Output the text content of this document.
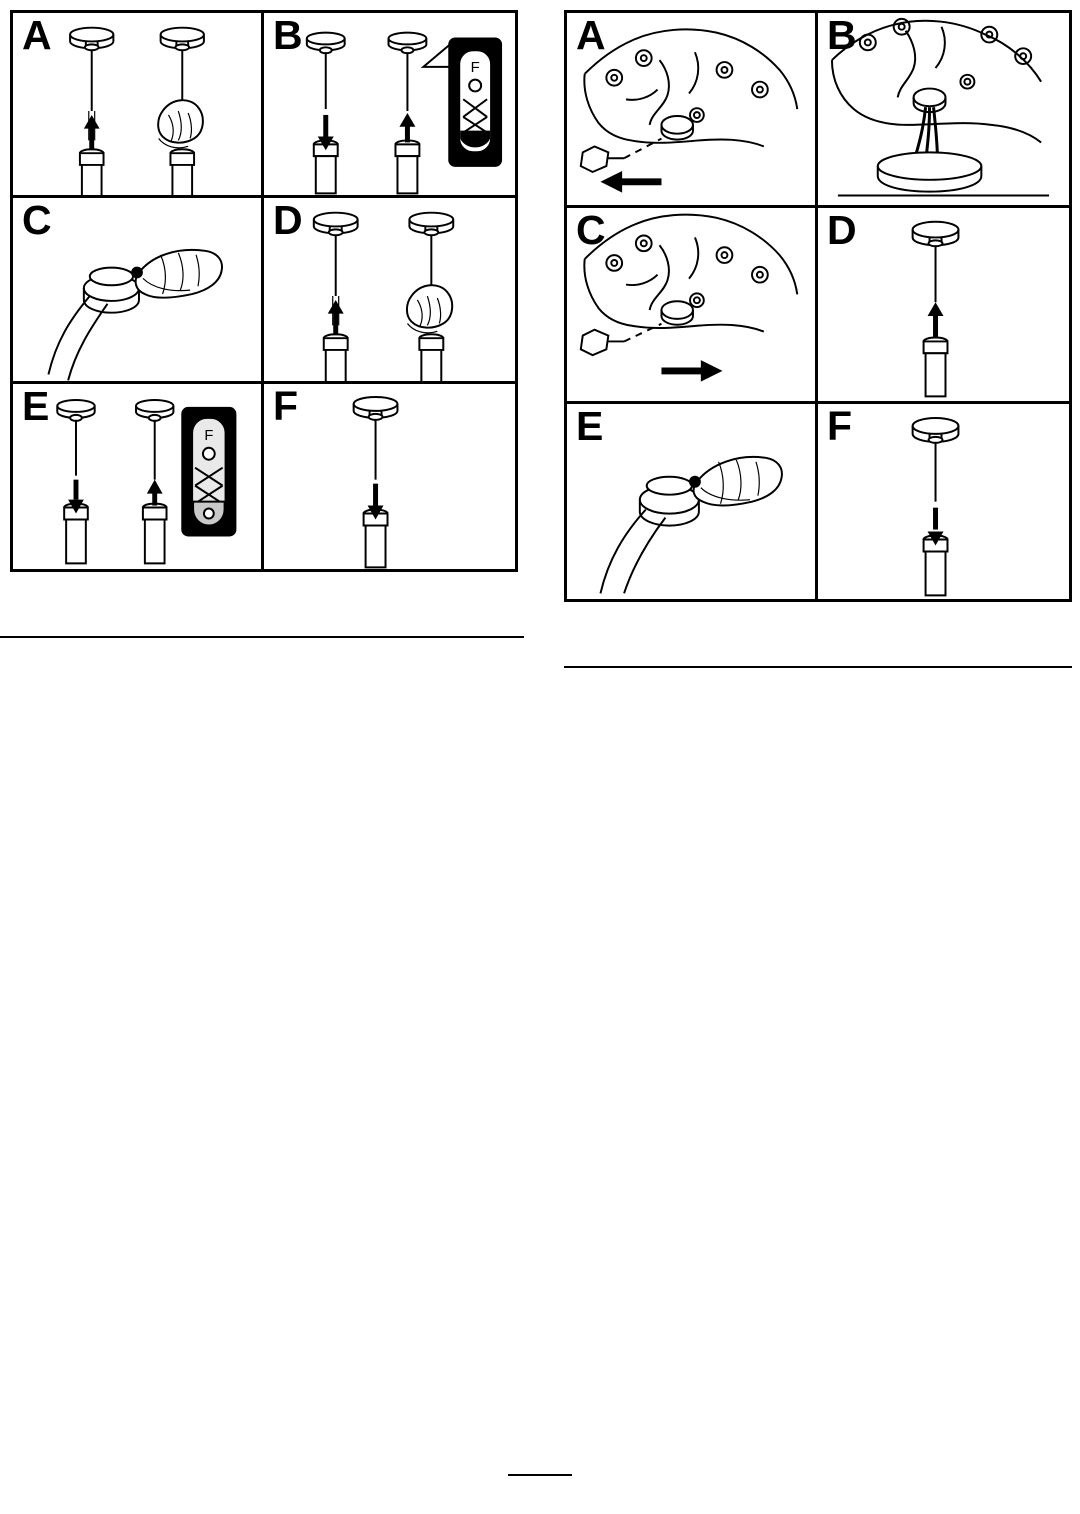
A	B
F
C	D
E
F
F
A	B
C	D
E	F
